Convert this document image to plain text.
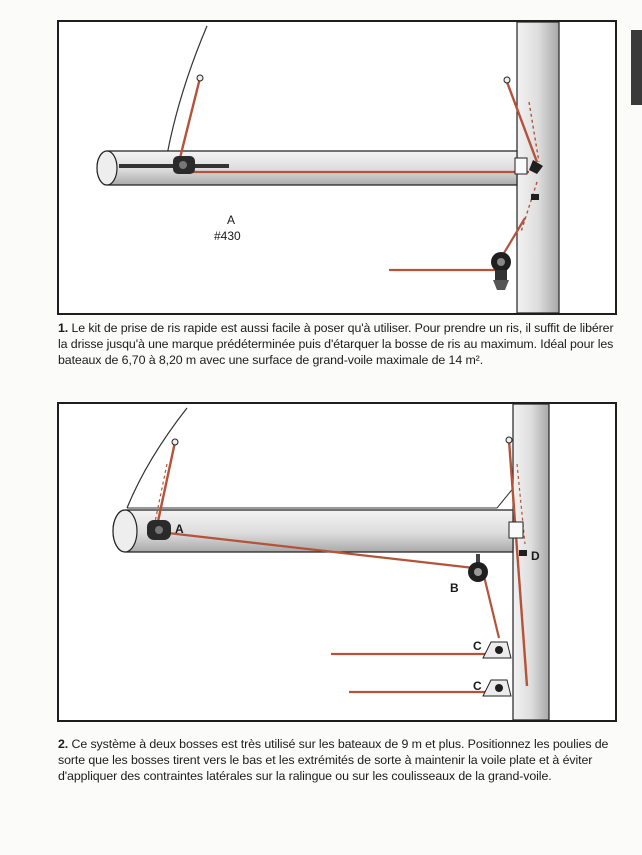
A
#430
1. Le kit de prise de ris rapide est aussi facile à poser qu'à utiliser. Pour prendre un ris, il suffit de libérer la drisse jusqu'à une marque prédéterminée puis d'étarquer la bosse de ris au maximum. Idéal pour les bateaux de 6,70 à 8,20 m avec une surface de grand-voile maximale de 14 m².
A
B
C
C
D
2. Ce système à deux bosses est très utilisé sur les bateaux de 9 m et plus. Positionnez les poulies de sorte que les bosses tirent vers le bas et les extrémités de sorte à maintenir la voile plate et à éviter d'appliquer des contraintes latérales sur la ralingue ou sur les coulisseaux de la grand-voile.
